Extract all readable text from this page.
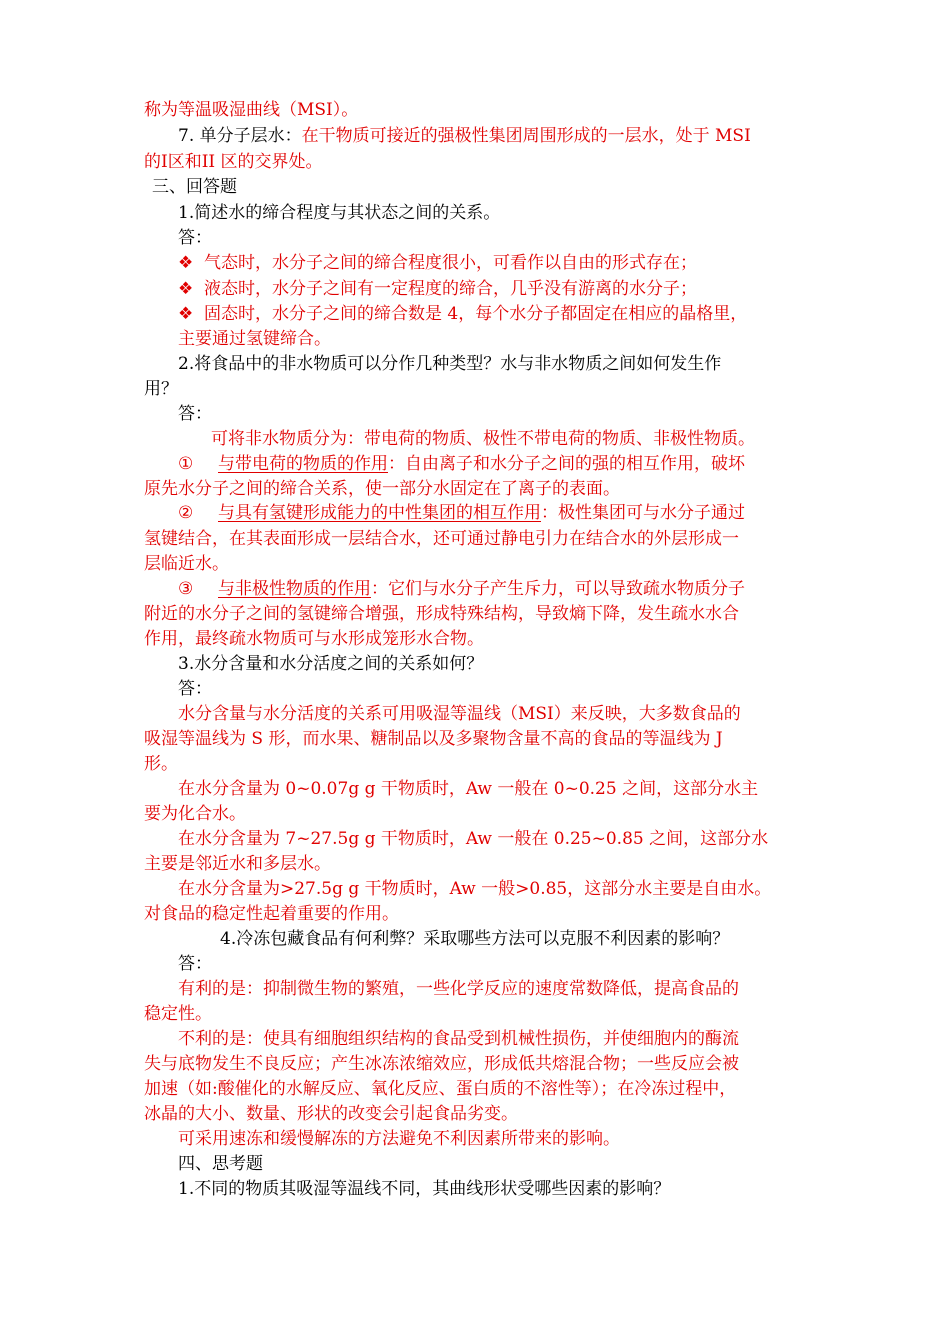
称为等温吸湿曲线（MSI）。
7. 单分子层水：在干物质可接近的强极性集团周围形成的一层水，处于 MSI
的Ⅰ区和ⅠI 区的交界处。
三、回答题
1.简述水的缔合程度与其状态之间的关系。
答：
❖ 气态时，水分子之间的缔合程度很小，可看作以自由的形式存在；
❖ 液态时，水分子之间有一定程度的缔合，几乎没有游离的水分子；
❖ 固态时，水分子之间的缔合数是 4，每个水分子都固定在相应的晶格里，
主要通过氢键缔合。
2.将食品中的非水物质可以分作几种类型？水与非水物质之间如何发生作
用？
答：
可将非水物质分为：带电荷的物质、极性不带电荷的物质、非极性物质。
① 与带电荷的物质的作用：自由离子和水分子之间的强的相互作用，破坏
原先水分子之间的缔合关系，使一部分水固定在了离子的表面。
② 与具有氢键形成能力的中性集团的相互作用：极性集团可与水分子通过
氢键结合，在其表面形成一层结合水，还可通过静电引力在结合水的外层形成一
层临近水。
③ 与非极性物质的作用：它们与水分子产生斥力，可以导致疏水物质分子
附近的水分子之间的氢键缔合增强，形成特殊结构，导致熵下降，发生疏水水合
作用，最终疏水物质可与水形成笼形水合物。
3.水分含量和水分活度之间的关系如何？
答：
水分含量与水分活度的关系可用吸湿等温线（MSI）来反映，大多数食品的
吸湿等温线为 S 形，而水果、糖制品以及多聚物含量不高的食品的等温线为 J
形。
在水分含量为 0~0.07g g 干物质时，Aw 一般在 0~0.25 之间，这部分水主
要为化合水。
在水分含量为 7~27.5g g 干物质时，Aw 一般在 0.25~0.85 之间，这部分水
主要是邻近水和多层水。
在水分含量为>27.5g g 干物质时，Aw 一般>0.85，这部分水主要是自由水。
对食品的稳定性起着重要的作用。
4.冷冻包藏食品有何利弊？采取哪些方法可以克服不利因素的影响？
答：
有利的是：抑制微生物的繁殖，一些化学反应的速度常数降低，提高食品的
稳定性。
不利的是：使具有细胞组织结构的食品受到机械性损伤，并使细胞内的酶流
失与底物发生不良反应；产生冰冻浓缩效应，形成低共熔混合物；一些反应会被
加速（如:酸催化的水解反应、氧化反应、蛋白质的不溶性等）；在冷冻过程中，
冰晶的大小、数量、形状的改变会引起食品劣变。
可采用速冻和缓慢解冻的方法避免不利因素所带来的影响。
四、思考题
1.不同的物质其吸湿等温线不同，其曲线形状受哪些因素的影响？
